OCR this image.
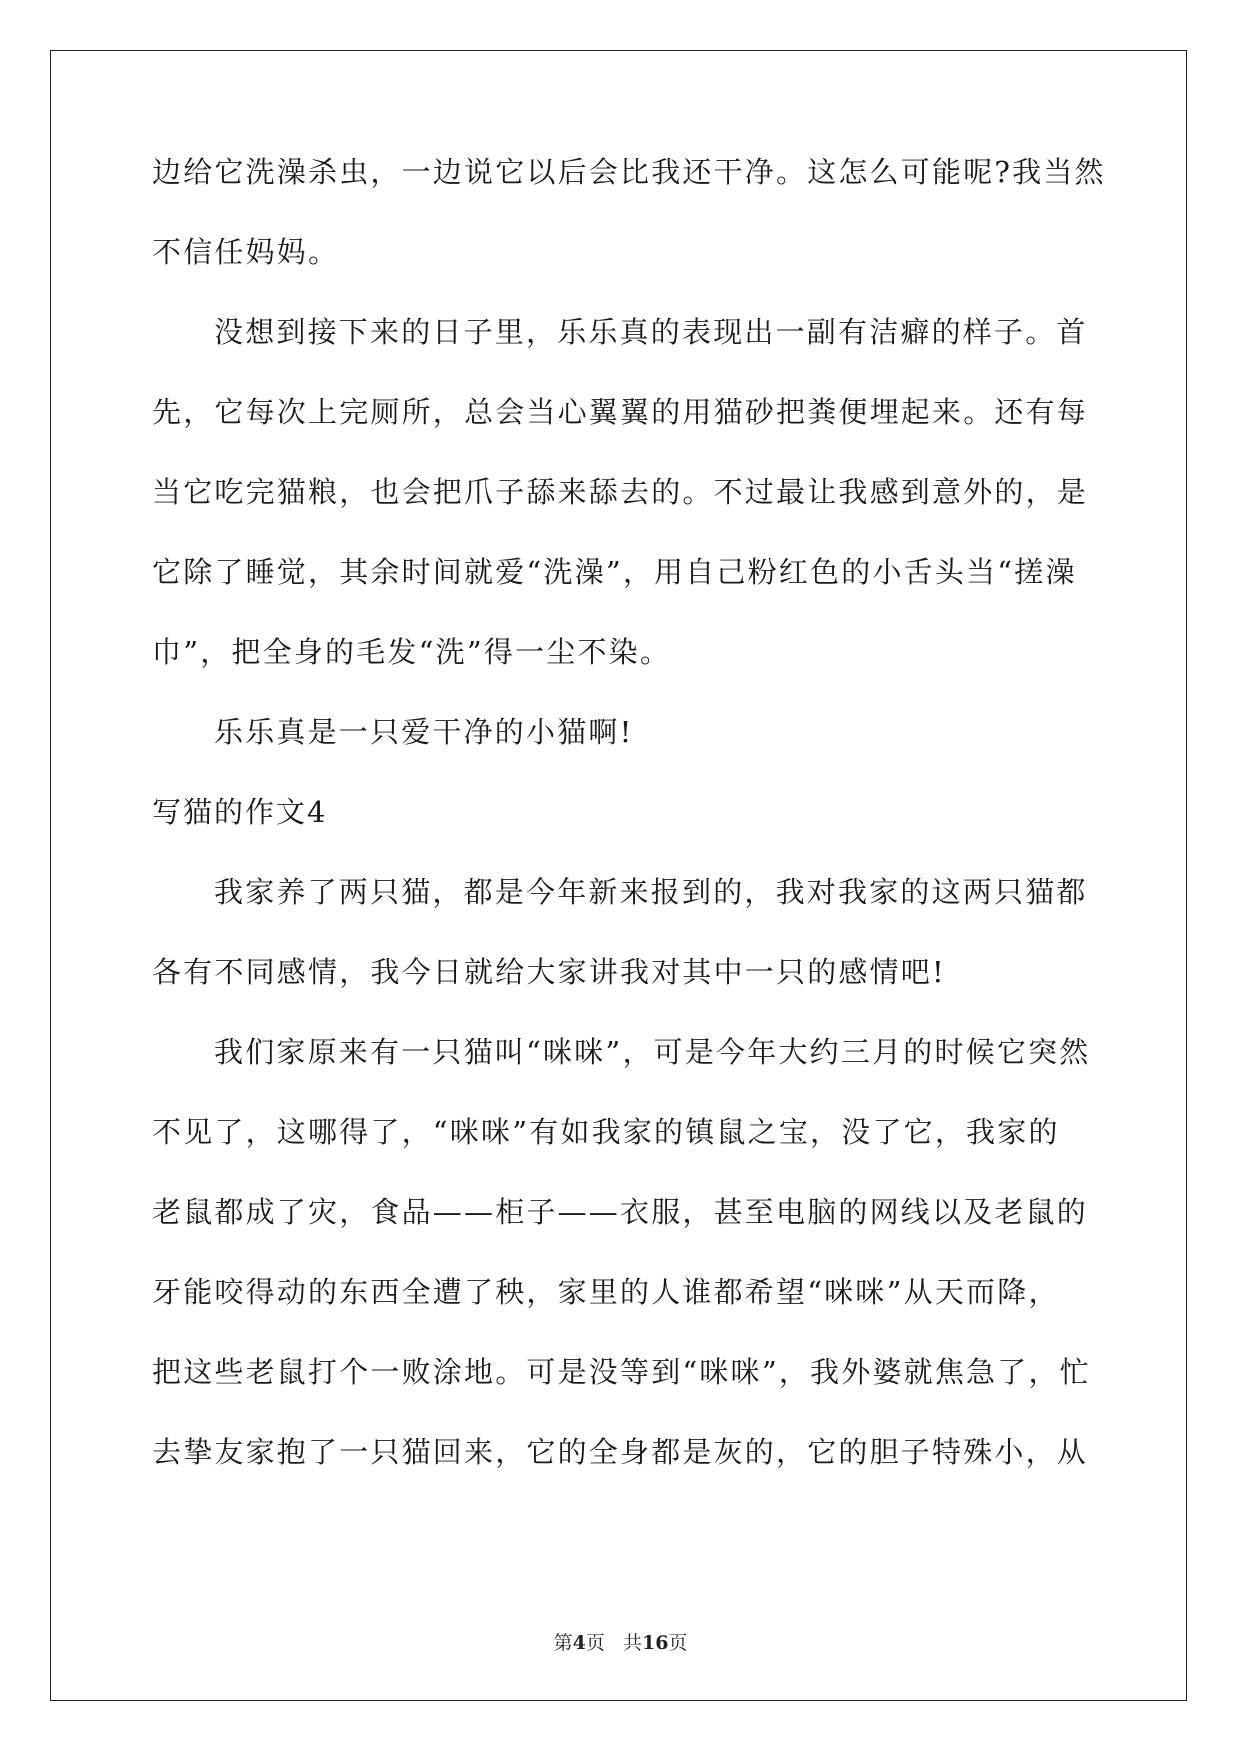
边给它洗澡杀虫，一边说它以后会比我还干净。这怎么可能呢?我当然
不信任妈妈。
没想到接下来的日子里，乐乐真的表现出一副有洁癖的样子。首
先，它每次上完厕所，总会当心翼翼的用猫砂把粪便埋起来。还有每
当它吃完猫粮，也会把爪子舔来舔去的。不过最让我感到意外的，是
它除了睡觉，其余时间就爱“洗澡”，用自己粉红色的小舌头当“搓澡
巾”，把全身的毛发“洗”得一尘不染。
乐乐真是一只爱干净的小猫啊!
写猫的作文4
我家养了两只猫，都是今年新来报到的，我对我家的这两只猫都
各有不同感情，我今日就给大家讲我对其中一只的感情吧!
我们家原来有一只猫叫“咪咪”，可是今年大约三月的时候它突然
不见了，这哪得了，“咪咪”有如我家的镇鼠之宝，没了它，我家的
老鼠都成了灾，食品——柜子——衣服，甚至电脑的网线以及老鼠的
牙能咬得动的东西全遭了秧，家里的人谁都希望“咪咪”从天而降，
把这些老鼠打个一败涂地。可是没等到“咪咪”，我外婆就焦急了，忙
去挚友家抱了一只猫回来，它的全身都是灰的，它的胆子特殊小，从
第4页 共16页
